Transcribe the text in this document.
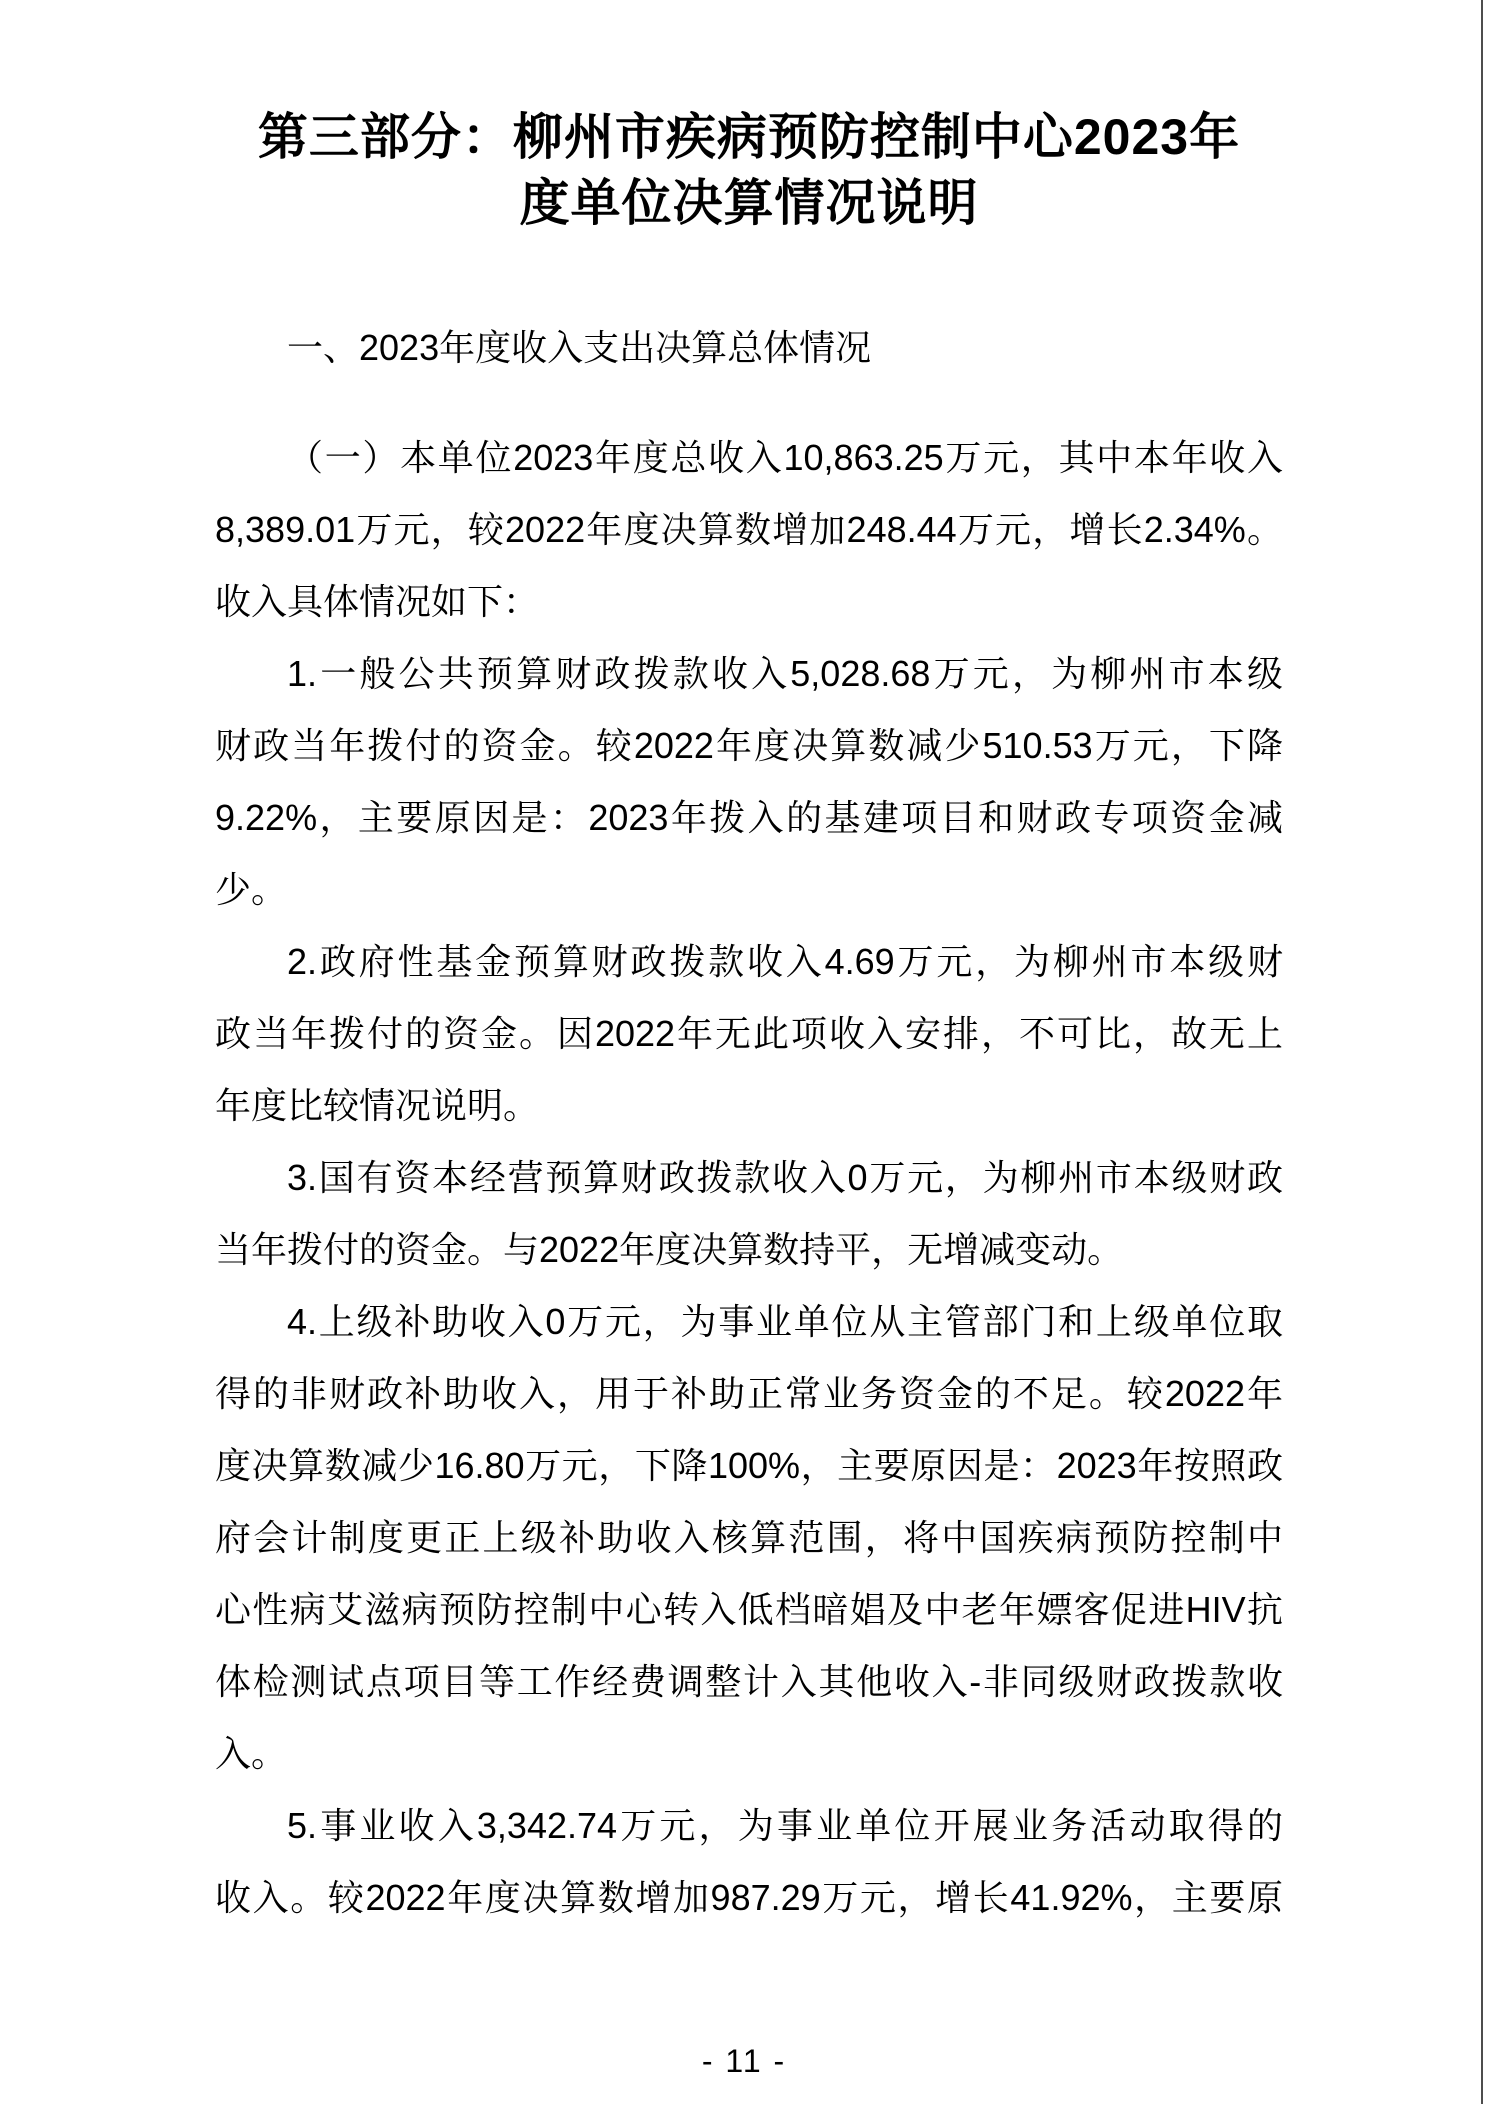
第三部分：柳州市疾病预防控制中心2023年
度单位决算情况说明
一、2023年度收入支出决算总体情况
（一）本单位2023年度总收入10,863.25万元，其中本年收入
8,389.01万元，较2022年度决算数增加248.44万元，增长2.34%。
收入具体情况如下：
1.一般公共预算财政拨款收入5,028.68万元，为柳州市本级
财政当年拨付的资金。较2022年度决算数减少510.53万元，下降
9.22%，主要原因是：2023年拨入的基建项目和财政专项资金减
少。
2.政府性基金预算财政拨款收入4.69万元，为柳州市本级财
政当年拨付的资金。因2022年无此项收入安排，不可比，故无上
年度比较情况说明。
3.国有资本经营预算财政拨款收入0万元，为柳州市本级财政
当年拨付的资金。与2022年度决算数持平，无增减变动。
4.上级补助收入0万元，为事业单位从主管部门和上级单位取
得的非财政补助收入，用于补助正常业务资金的不足。较2022年
度决算数减少16.80万元，下降100%，主要原因是：2023年按照政
府会计制度更正上级补助收入核算范围，将中国疾病预防控制中
心性病艾滋病预防控制中心转入低档暗娼及中老年嫖客促进HIV抗
体检测试点项目等工作经费调整计入其他收入-非同级财政拨款收
入。
5.事业收入3,342.74万元，为事业单位开展业务活动取得的
收入。较2022年度决算数增加987.29万元，增长41.92%，主要原
- 11 -
